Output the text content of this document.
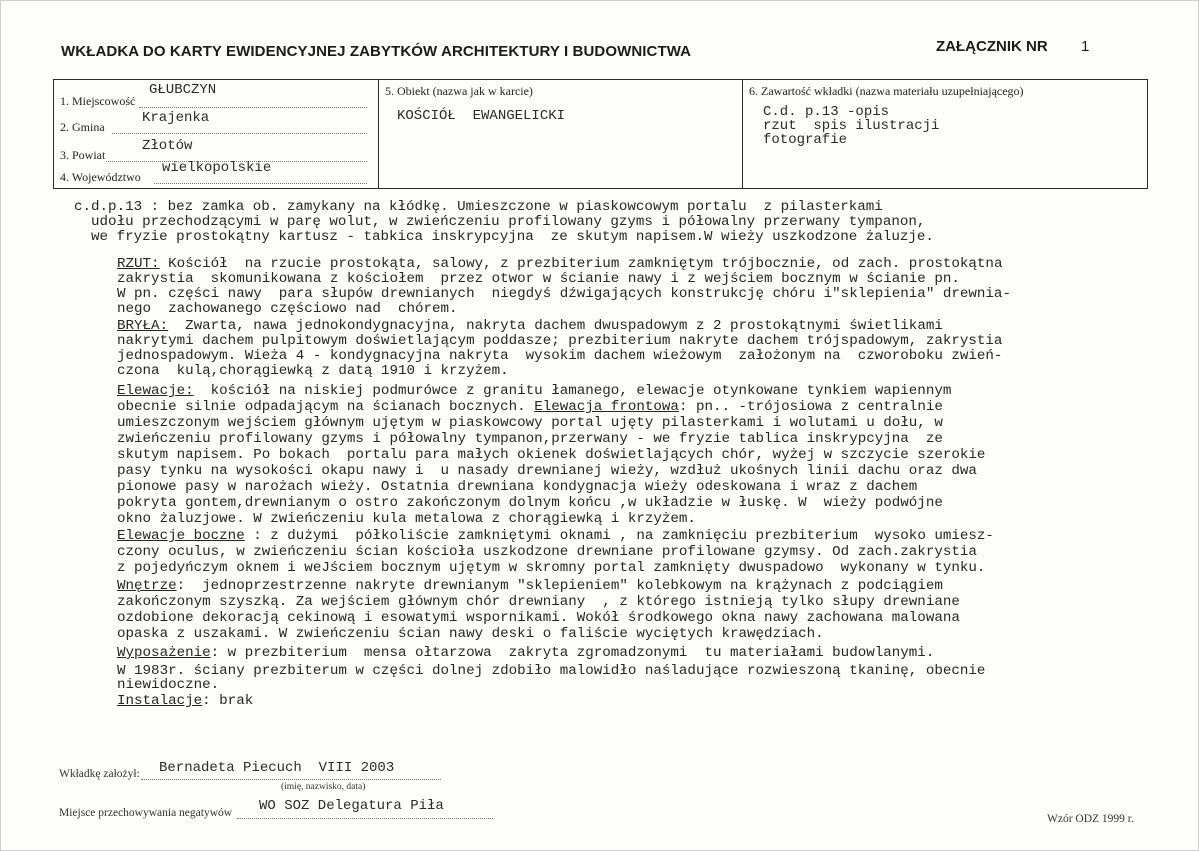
WKŁADKA DO KARTY EWIDENCYJNEJ ZABYTKÓW ARCHITEKTURY I BUDOWNICTWA	ZAŁĄCZNIK NR 1
1. Miejscowość
GŁUBCZYN
2. Gmina
Krajenka
3. Powiat
Złotów
4. Województwo
wielkopolskie
5. Obiekt (nazwa jak w karcie)
KOŚCIÓŁ  EWANGELICKI
6. Zawartość wkładki (nazwa materiału uzupełniającego)
C.d. p.13 -opis
rzut  spis ilustracji
fotografie
c.d.p.13 : bez zamka ob. zamykany na kłódkę. Umieszczone w piaskowcowym portalu  z pilasterkami
udołu przechodzącymi w parę wolut, w zwieńczeniu profilowany gzyms i półowalny przerwany tympanon,
we fryzie prostokątny kartusz - tabkica inskrypcyjna  ze skutym napisem.W wieży uszkodzone żaluzje.
RZUT: Kościół  na rzucie prostokąta, salowy, z prezbiterium zamkniętym trójbocznie, od zach. prostokątna
zakrystia  skomunikowana z kościołem  przez otwor w ścianie nawy i z wejściem bocznym w ścianie pn.
W pn. części nawy  para słupów drewnianych  niegdyś dźwigających konstrukcję chóru i"sklepienia" drewnia-
nego  zachowanego częściowo nad  chórem.
BRYŁA:  Zwarta, nawa jednokondygnacyjna, nakryta dachem dwuspadowym z 2 prostokątnymi świetlikami
nakrytymi dachem pulpitowym doświetlającym poddasze; prezbiterium nakryte dachem trójspadowym, zakrystia
jednospadowym. Wieża 4 - kondygnacyjna nakryta  wysokim dachem wieżowym  założonym na  czworoboku zwień-
czona  kulą,chorągiewką z datą 1910 i krzyżem.
Elewacje:  kościół na niskiej podmurówce z granitu łamanego, elewacje otynkowane tynkiem wapiennym
obecnie silnie odpadającym na ścianach bocznych. Elewacja frontowa: pn.. -trójosiowa z centralnie
umieszczonym wejściem głównym ujętym w piaskowcowy portal ujęty pilasterkami i wolutami u dołu, w
zwieńczeniu profilowany gzyms i półowalny tympanon,przerwany - we fryzie tablica inskrypcyjna  ze
skutym napisem. Po bokach  portalu para małych okienek doświetlających chór, wyżej w szczycie szerokie
pasy tynku na wysokości okapu nawy i  u nasady drewnianej wieży, wzdłuż ukośnych linii dachu oraz dwa
pionowe pasy w narożach wieży. Ostatnia drewniana kondygnacja wieży odeskowana i wraz z dachem
pokryta gontem,drewnianym o ostro zakończonym dolnym końcu ,w układzie w łuskę. W  wieży podwójne
okno żaluzjowe. W zwieńczeniu kula metalowa z chorągiewką i krzyżem.
Elewacje boczne : z dużymi  półkoliście zamkniętymi oknami , na zamknięciu prezbiterium  wysoko umiesz-
czony oculus, w zwieńczeniu ścian kościoła uszkodzone drewniane profilowane gzymsy. Od zach.zakrystia
z pojedyńczym oknem i weJściem bocznym ujętym w skromny portal zamknięty dwuspadowo  wykonany w tynku.
Wnętrze:  jednoprzestrzenne nakryte drewnianym "sklepieniem" kolebkowym na krążynach z podciągiem
zakończonym szyszką. Za wejściem głównym chór drewniany  , z którego istnieją tylko słupy drewniane
ozdobione dekoracją cekinową i esowatymi wspornikami. Wokół środkowego okna nawy zachowana malowana
opaska z uszakami. W zwieńczeniu ścian nawy deski o faliście wyciętych krawędziach.
Wyposażenie: w prezbiterium  mensa ołtarzowa  zakryta zgromadzonymi  tu materiałami budowlanymi.
W 1983r. ściany prezbiterum w części dolnej zdobiło malowidło naśladujące rozwieszoną tkaninę, obecnie
niewidoczne.
Instalacje: brak
Wkładkę założył: Bernadeta Piecuch  VIII 2003
(imię, nazwisko, data)
Miejsce przechowywania negatywów WO SOZ Delegatura Piła
Wzór ODZ 1999 r.
